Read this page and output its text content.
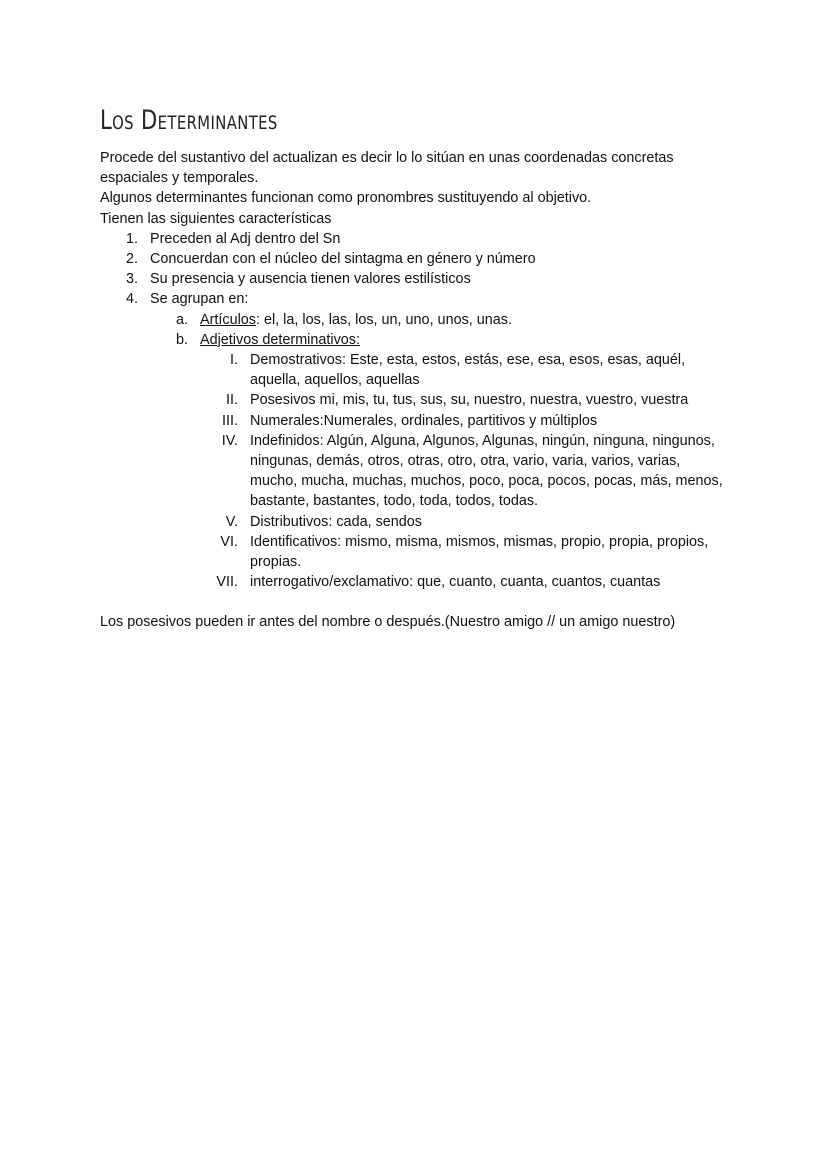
Los Determinantes

Procede del sustantivo del actualizan es decir lo lo sitúan en unas coordenadas concretas espaciales y temporales.

Algunos determinantes funcionan como pronombres sustituyendo al objetivo.

Tienen las siguientes características

1. Preceden al Adj dentro del Sn
2. Concuerdan con el núcleo del sintagma en género y número
3. Su presencia y ausencia tienen valores estilísticos
4. Se agrupan en:
a. Artículos: el, la, los, las, los, un, uno, unos, unas.
b. Adjetivos determinativos:
I. Demostrativos: Este, esta, estos, estás, ese, esa, esos, esas, aquél, aquella, aquellos, aquellas
II. Posesivos mi, mis, tu, tus, sus, su, nuestro, nuestra, vuestro, vuestra
III. Numerales:Numerales, ordinales, partitivos y múltiplos
IV. Indefinidos: Algún, Alguna, Algunos, Algunas, ningún, ninguna, ningunos, ningunas, demás, otros, otras, otro, otra, vario, varia, varios, varias, mucho, mucha, muchas, muchos, poco, poca, pocos, pocas, más, menos, bastante, bastantes, todo, toda, todos, todas.
V. Distributivos: cada, sendos
VI. Identificativos: mismo, misma, mismos, mismas, propio, propia, propios, propias.
VII. interrogativo/exclamativo: que, cuanto, cuanta, cuantos, cuantas

Los posesivos pueden ir antes del nombre o después.(Nuestro amigo // un amigo nuestro)
